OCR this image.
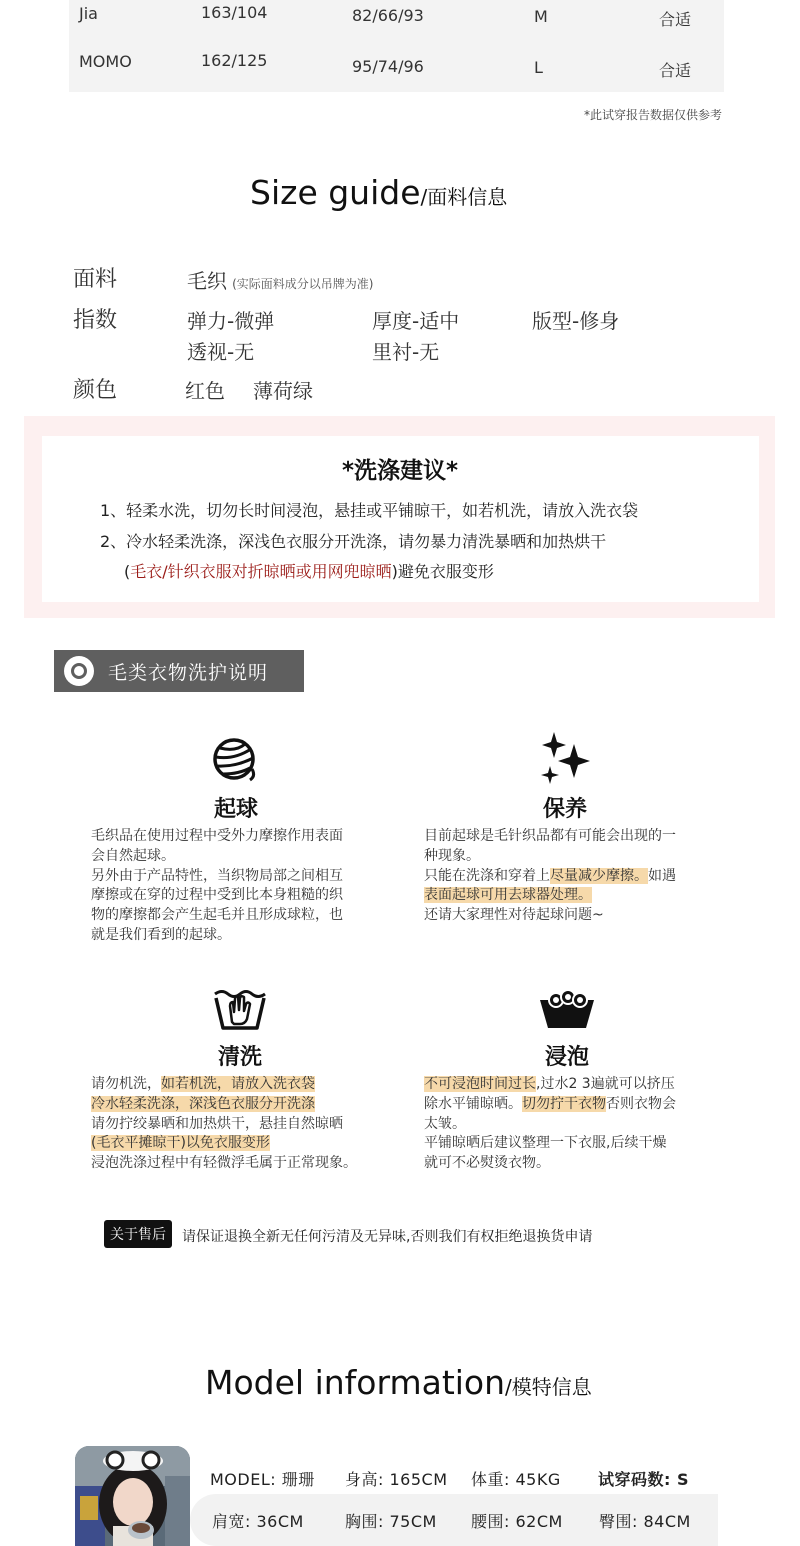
Jia	163/104	82/66/93	M	合适
MOMO	162/125	95/74/96	L	合适
*此试穿报告数据仅供参考
Size guide/面料信息
面料	毛织 (实际面料成分以吊牌为准)
指数	弹力-微弹	厚度-适中	版型-修身
透视-无	里衬-无
颜色	红色 薄荷绿
*洗涤建议*
1、轻柔水洗，切勿长时间浸泡，悬挂或平铺晾干，如若机洗，请放入洗衣袋
2、冷水轻柔洗涤，深浅色衣服分开洗涤，请勿暴力清洗暴晒和加热烘干
(毛衣/针织衣服对折晾晒或用网兜晾晒)避免衣服变形
毛类衣物洗护说明
起球
毛织品在使用过程中受外力摩擦作用表面
会自然起球。
另外由于产品特性，当织物局部之间相互
摩擦或在穿的过程中受到比本身粗糙的织
物的摩擦都会产生起毛并且形成球粒，也
就是我们看到的起球。
保养
目前起球是毛针织品都有可能会出现的一
种现象。
只能在洗涤和穿着上尽量减少摩擦。如遇
表面起球可用去球器处理。
还请大家理性对待起球问题~
清洗
请勿机洗，如若机洗，请放入洗衣袋
冷水轻柔洗涤，深浅色衣服分开洗涤
请勿拧绞暴晒和加热烘干，悬挂自然晾晒
(毛衣平摊晾干)以免衣服变形
浸泡洗涤过程中有轻微浮毛属于正常现象。
浸泡
不可浸泡时间过长,过水2 3遍就可以挤压
除水平铺晾晒。切勿拧干衣物否则衣物会
太皱。
平铺晾晒后建议整理一下衣服,后续干燥
就可不必熨烫衣物。
关于售后	请保证退换全新无任何污清及无异味,否则我们有权拒绝退换货申请
Model information/模特信息
MODEL: 珊珊 身高: 165CM 体重: 45KG 试穿码数: S
肩宽: 36CM	胸围: 75CM 腰围: 62CM 臀围: 84CM
